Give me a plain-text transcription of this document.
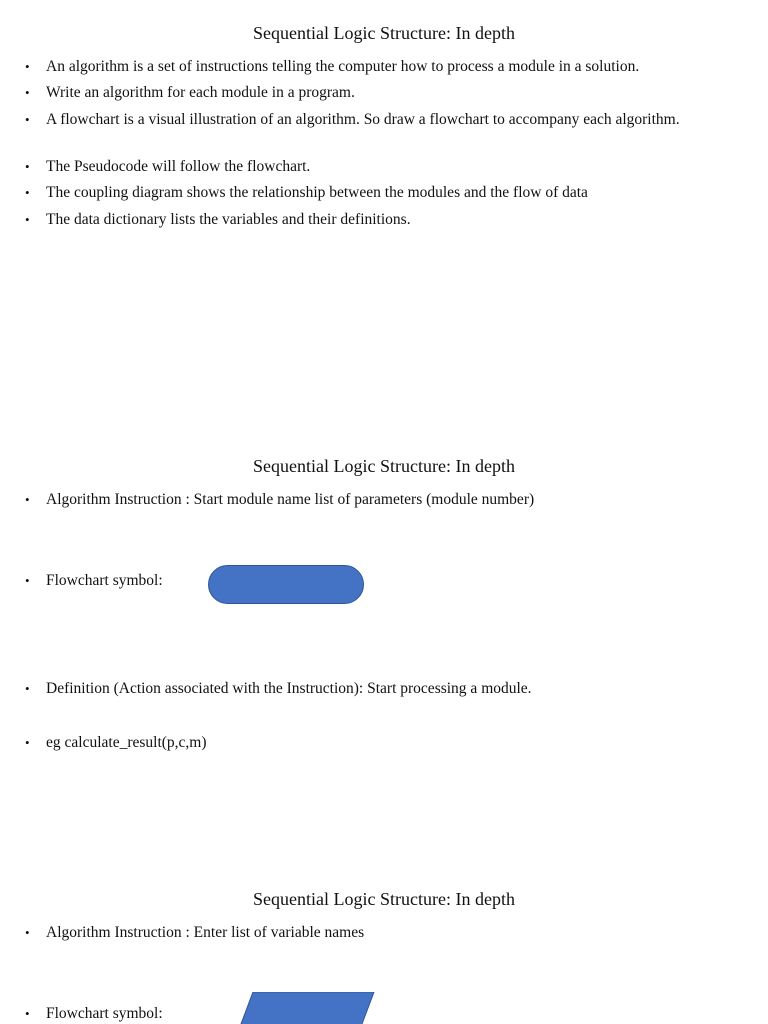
Sequential Logic Structure: In depth
• An algorithm is a set of instructions telling the computer how to process a module in a solution.
• Write an algorithm for each module in a program.
• A flowchart is a visual illustration of an algorithm. So draw a flowchart to accompany each algorithm.
• The Pseudocode will follow the flowchart.
• The coupling diagram shows the relationship between the modules and the flow of data
• The data dictionary lists the variables and their definitions.
Sequential Logic Structure: In depth
• Algorithm Instruction : Start module name list of parameters (module number)
• Flowchart symbol:
• Definition (Action associated with the Instruction): Start processing a module.
• eg calculate_result(p,c,m)
Sequential Logic Structure: In depth
• Algorithm Instruction : Enter list of variable names
• Flowchart symbol:
